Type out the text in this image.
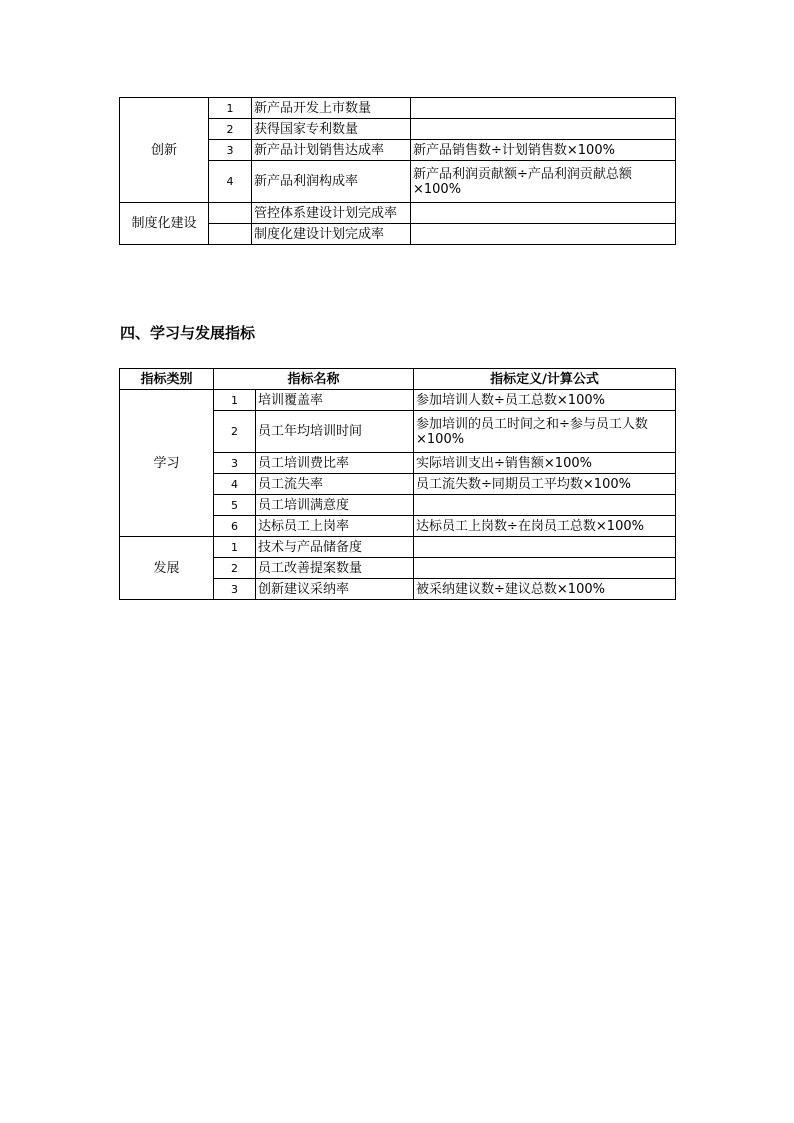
创新	1	新产品开发上市数量	
	2	获得国家专利数量	
	3	新产品计划销售达成率	新产品销售数÷计划销售数×100%
	4	新产品利润构成率	新产品利润贡献额÷产品利润贡献总额×100%
制度化建设		管控体系建设计划完成率	
		制度化建设计划完成率	
四、学习与发展指标
指标类别	指标名称		指标定义/计算公式
学习	1	培训覆盖率	参加培训人数÷员工总数×100%
	2	员工年均培训时间	参加培训的员工时间之和÷参与员工人数×100%
	3	员工培训费比率	实际培训支出÷销售额×100%
	4	员工流失率	员工流失数÷同期员工平均数×100%
	5	员工培训满意度	
	6	达标员工上岗率	达标员工上岗数÷在岗员工总数×100%
发展	1	技术与产品储备度	
	2	员工改善提案数量	
	3	创新建议采纳率	被采纳建议数÷建议总数×100%
